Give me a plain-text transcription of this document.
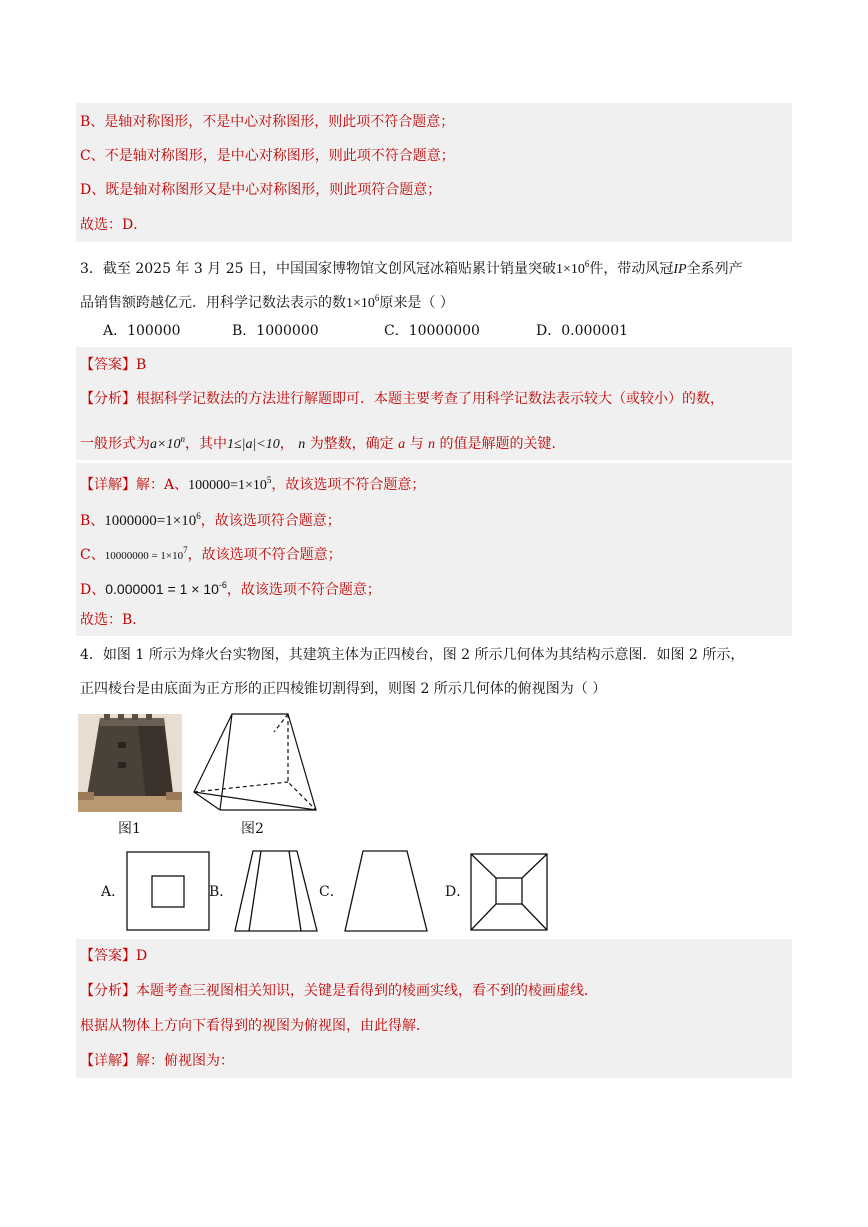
B、是轴对称图形，不是中心对称图形，则此项不符合题意；
C、不是轴对称图形，是中心对称图形，则此项不符合题意；
D、既是轴对称图形又是中心对称图形，则此项符合题意；
故选：D．
3．截至 2025 年 3 月 25 日，中国国家博物馆文创风冠冰箱贴累计销量突破$1\times 10^6$件，带动风冠IP全系列产
品销售额跨越亿元．用科学记数法表示的数$1\times 10^6$原来是（ ）
A．100000	B．1000000	C．10000000	D．0.000001
【答案】B
【分析】根据科学记数法的方法进行解题即可．本题主要考查了用科学记数法表示较大（或较小）的数，
一般形式为$a\times 10^n$，其中1≤|a|<10， n 为整数，确定 a 与 n 的值是解题的关键．
【详解】解：A、$100000=1\times 10^5$，故该选项不符合题意；
B、$1000000=1\times 10^6$，故该选项符合题意；
C、$10000000 = 1\times 10^7$，故该选项不符合题意；
D、$0.000001 = 1 \times 10^{-6}$，故该选项不符合题意；
故选：B．
4．如图 1 所示为烽火台实物图，其建筑主体为正四棱台，图 2 所示几何体为其结构示意图．如图 2 所示，
正四棱台是由底面为正方形的正四棱锥切割得到，则图 2 所示几何体的俯视图为（ ）
图1	图2
A．	B．	C．	D．
【答案】D
【分析】本题考查三视图相关知识，关键是看得到的棱画实线，看不到的棱画虚线．
根据从物体上方向下看得到的视图为俯视图，由此得解．
【详解】解：俯视图为：
